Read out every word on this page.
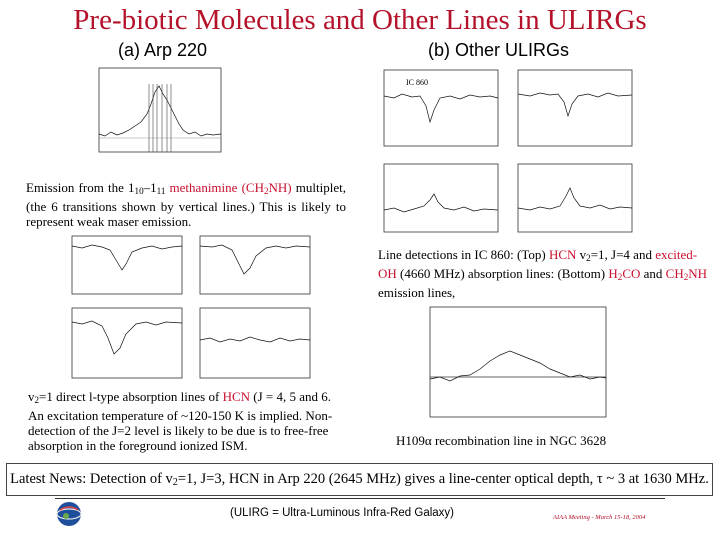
Pre-biotic Molecules and Other Lines in ULIRGs
(a) Arp 220	(b) Other ULIRGs
IC 860
Emission from the $1_{10}-1_{11}$ methanimine $(CH_2NH)$ multiplet, (the 6 transitions shown by vertical lines.) This is likely to represent weak maser emission.
$v_2=1$ direct l-type absorption lines of HCN (J = 4, 5 and 6. An excitation temperature of ~120-150 K is implied. Non-detection of the J=2 level is likely to be due is to free-free absorption in the foreground ionized ISM.
Line detections in IC 860: (Top) HCN $v_2=1$, J=4 and excited-OH (4660 MHz) absorption lines: (Bottom) $H_2CO$ and $CH_2NH$ emission lines,
H109α recombination line in NGC 3628
Latest News: Detection of $v_2=1$, J=3, HCN in Arp 220 (2645 MHz) gives a line-center optical depth, τ ~ 3 at 1630 MHz.
(ULIRG = Ultra-Luminous Infra-Red Galaxy)	AIAA Meeting - March 15-18, 2004
